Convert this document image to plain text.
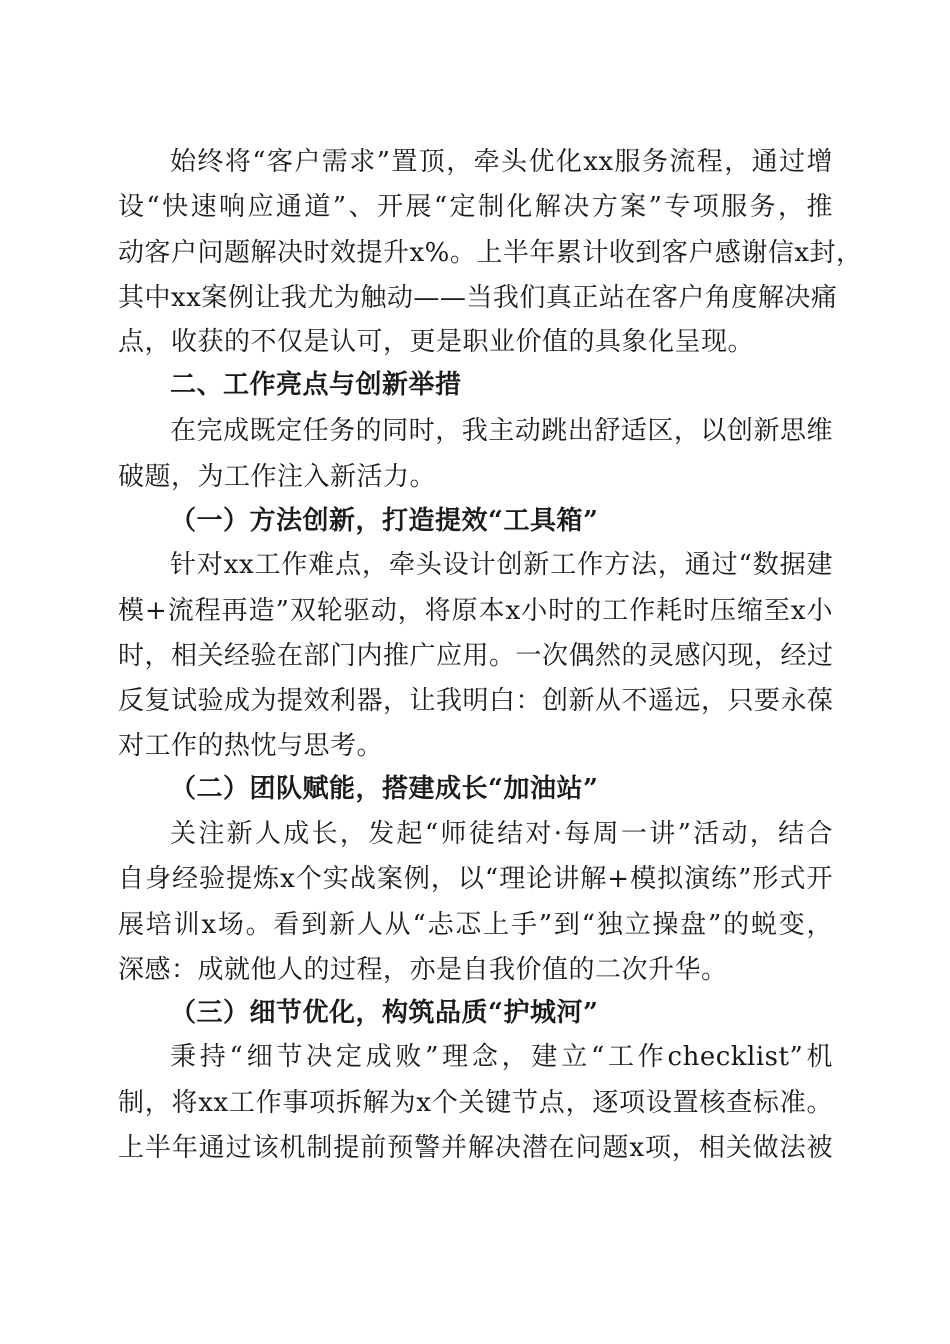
始终将“客户需求”置顶，牵头优化xx服务流程，通过增
设“快速响应通道”、开展“定制化解决方案”专项服务，推
动客户问题解决时效提升x%。上半年累计收到客户感谢信x封，
其中xx案例让我尤为触动——当我们真正站在客户角度解决痛
点，收获的不仅是认可，更是职业价值的具象化呈现。
二、工作亮点与创新举措
在完成既定任务的同时，我主动跳出舒适区，以创新思维
破题，为工作注入新活力。
（一）方法创新，打造提效“工具箱”
针对xx工作难点，牵头设计创新工作方法，通过“数据建
模+流程再造”双轮驱动，将原本x小时的工作耗时压缩至x小
时，相关经验在部门内推广应用。一次偶然的灵感闪现，经过
反复试验成为提效利器，让我明白：创新从不遥远，只要永葆
对工作的热忱与思考。
（二）团队赋能，搭建成长“加油站”
关注新人成长，发起“师徒结对·每周一讲”活动，结合
自身经验提炼x个实战案例，以“理论讲解+模拟演练”形式开
展培训x场。看到新人从“忐忑上手”到“独立操盘”的蜕变，
深感：成就他人的过程，亦是自我价值的二次升华。
（三）细节优化，构筑品质“护城河”
秉持“细节决定成败”理念，建立“工作checklist”机
制，将xx工作事项拆解为x个关键节点，逐项设置核查标准。
上半年通过该机制提前预警并解决潜在问题x项，相关做法被
